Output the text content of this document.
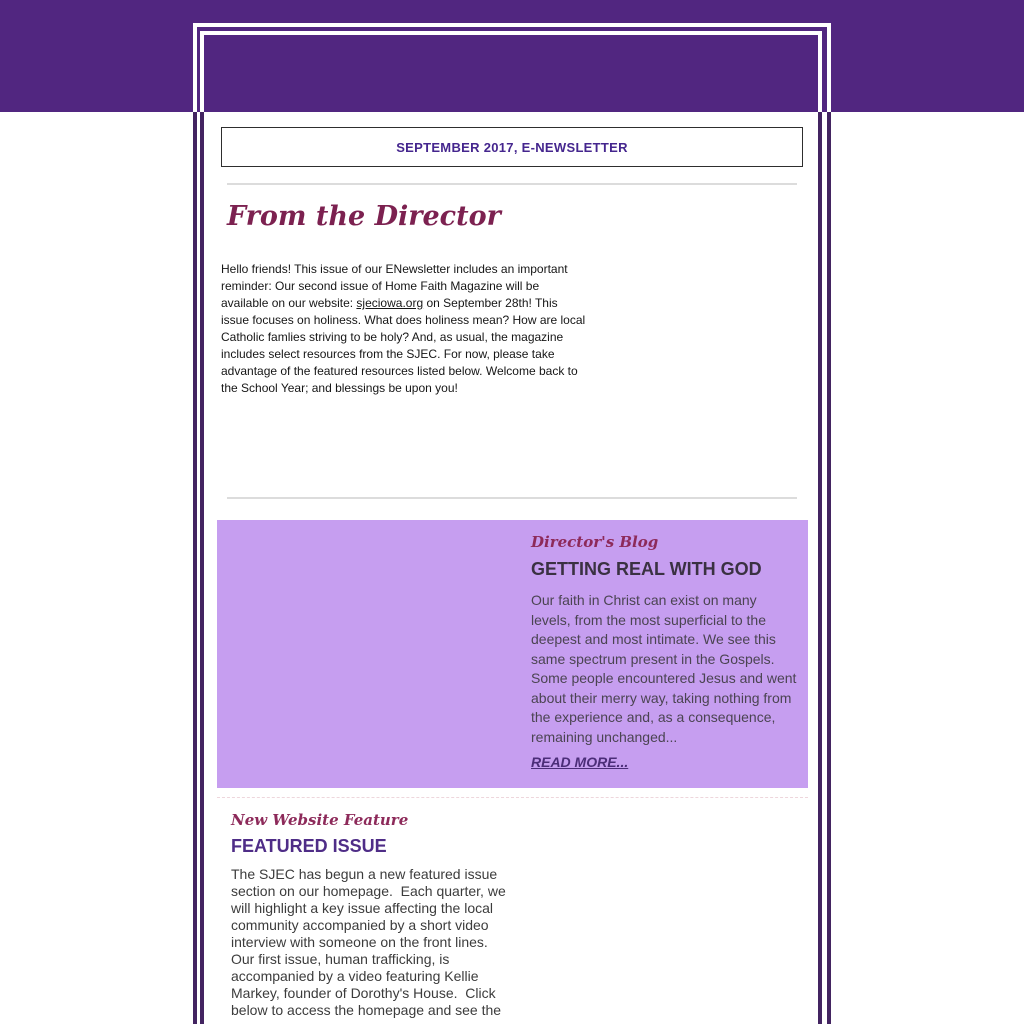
SEPTEMBER 2017, E-NEWSLETTER
From the Director
Hello friends! This issue of our ENewsletter includes an important reminder: Our second issue of Home Faith Magazine will be available on our website: sjeciowa.org on September 28th! This issue focuses on holiness. What does holiness mean? How are local Catholic famlies striving to be holy? And, as usual, the magazine includes select resources from the SJEC. For now, please take advantage of the featured resources listed below. Welcome back to the School Year; and blessings be upon you!
Director's Blog
GETTING REAL WITH GOD
Our faith in Christ can exist on many levels, from the most superficial to the deepest and most intimate. We see this same spectrum present in the Gospels. Some people encountered Jesus and went about their merry way, taking nothing from the experience and, as a consequence, remaining unchanged...
READ MORE...
New Website Feature
FEATURED ISSUE
The SJEC has begun a new featured issue section on our homepage.  Each quarter, we will highlight a key issue affecting the local community accompanied by a short video interview with someone on the front lines.  Our first issue, human trafficking, is accompanied by a video featuring Kellie Markey, founder of Dorothy's House.  Click below to access the homepage and see the
